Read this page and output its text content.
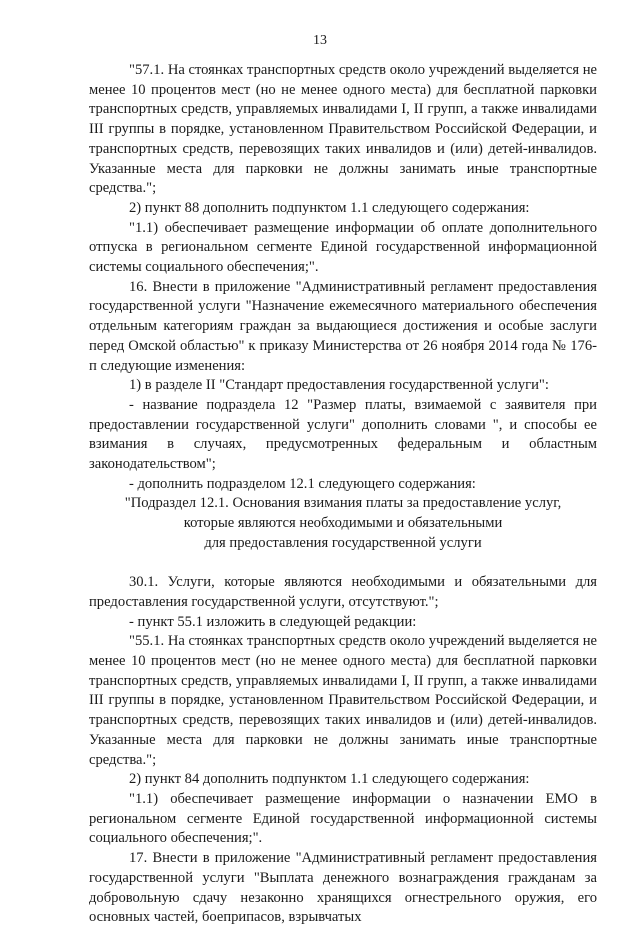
13

"57.1. На стоянках транспортных средств около учреждений выделяется не менее 10 процентов мест (но не менее одного места) для бесплатной парковки транспортных средств, управляемых инвалидами I, II групп, а также инвалидами III группы в порядке, установленном Правительством Российской Федерации, и транспортных средств, перевозящих таких инвалидов и (или) детей-инвалидов. Указанные места для парковки не должны занимать иные транспортные средства.";

2) пункт 88 дополнить подпунктом 1.1 следующего содержания:

"1.1) обеспечивает размещение информации об оплате дополнительного отпуска в региональном сегменте Единой государственной информационной системы социального обеспечения;".

16. Внести в приложение "Административный регламент предоставления государственной услуги "Назначение ежемесячного материального обеспечения отдельным категориям граждан за выдающиеся достижения и особые заслуги перед Омской областью" к приказу Министерства от 26 ноября 2014 года № 176-п следующие изменения:

1) в разделе II "Стандарт предоставления государственной услуги":

- название подраздела 12 "Размер платы, взимаемой с заявителя при предоставлении государственной услуги" дополнить словами ", и способы ее взимания в случаях, предусмотренных федеральным и областным законодательством";

- дополнить подразделом 12.1 следующего содержания:

"Подраздел 12.1. Основания взимания платы за предоставление услуг,

которые являются необходимыми и обязательными

для предоставления государственной услуги

30.1. Услуги, которые являются необходимыми и обязательными для предоставления государственной услуги, отсутствуют.";

- пункт 55.1 изложить в следующей редакции:

"55.1. На стоянках транспортных средств около учреждений выделяется не менее 10 процентов мест (но не менее одного места) для бесплатной парковки транспортных средств, управляемых инвалидами I, II групп, а также инвалидами III группы в порядке, установленном Правительством Российской Федерации, и транспортных средств, перевозящих таких инвалидов и (или) детей-инвалидов. Указанные места для парковки не должны занимать иные транспортные средства.";

2) пункт 84 дополнить подпунктом 1.1 следующего содержания:

"1.1) обеспечивает размещение информации о назначении ЕМО в региональном сегменте Единой государственной информационной системы социального обеспечения;".

17. Внести в приложение "Административный регламент предоставления государственной услуги "Выплата денежного вознаграждения гражданам за добровольную сдачу незаконно хранящихся огнестрельного оружия, его основных частей, боеприпасов, взрывчатых
